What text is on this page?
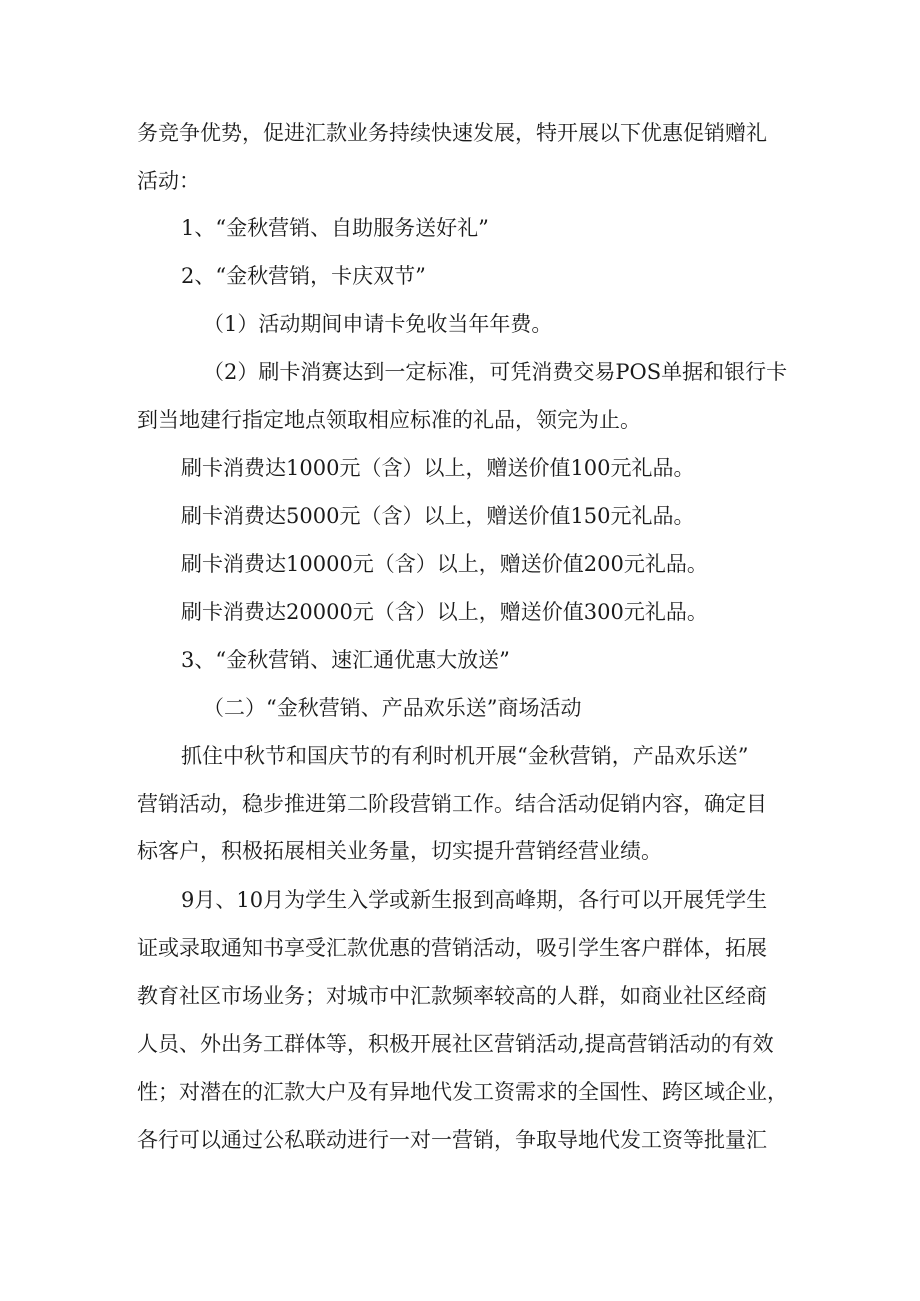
务竞争优势，促进汇款业务持续快速发展，特开展以下优惠促销赠礼
活动：
1、“金秋营销、自助服务送好礼”
2、“金秋营销，卡庆双节”
（1）活动期间申请卡免收当年年费。
（2）刷卡消赛达到一定标准，可凭消费交易POS单据和银行卡
到当地建行指定地点领取相应标准的礼品，领完为止。
刷卡消费达1000元（含）以上，赠送价值100元礼品。
刷卡消费达5000元（含）以上，赠送价值150元礼品。
刷卡消费达10000元（含）以上，赠送价值200元礼品。
刷卡消费达20000元（含）以上，赠送价值300元礼品。
3、“金秋营销、速汇通优惠大放送”
（二）“金秋营销、产品欢乐送”商场活动
抓住中秋节和国庆节的有利时机开展“金秋营销，产品欢乐送”
营销活动，稳步推进第二阶段营销工作。结合活动促销内容，确定目
标客户，积极拓展相关业务量，切实提升营销经营业绩。
9月、10月为学生入学或新生报到高峰期，各行可以开展凭学生
证或录取通知书享受汇款优惠的营销活动，吸引学生客户群体，拓展
教育社区市场业务；对城市中汇款频率较高的人群，如商业社区经商
人员、外出务工群体等，积极开展社区营销活动,提高营销活动的有效
性；对潜在的汇款大户及有异地代发工资需求的全国性、跨区域企业，
各行可以通过公私联动进行一对一营销，争取导地代发工资等批量汇
